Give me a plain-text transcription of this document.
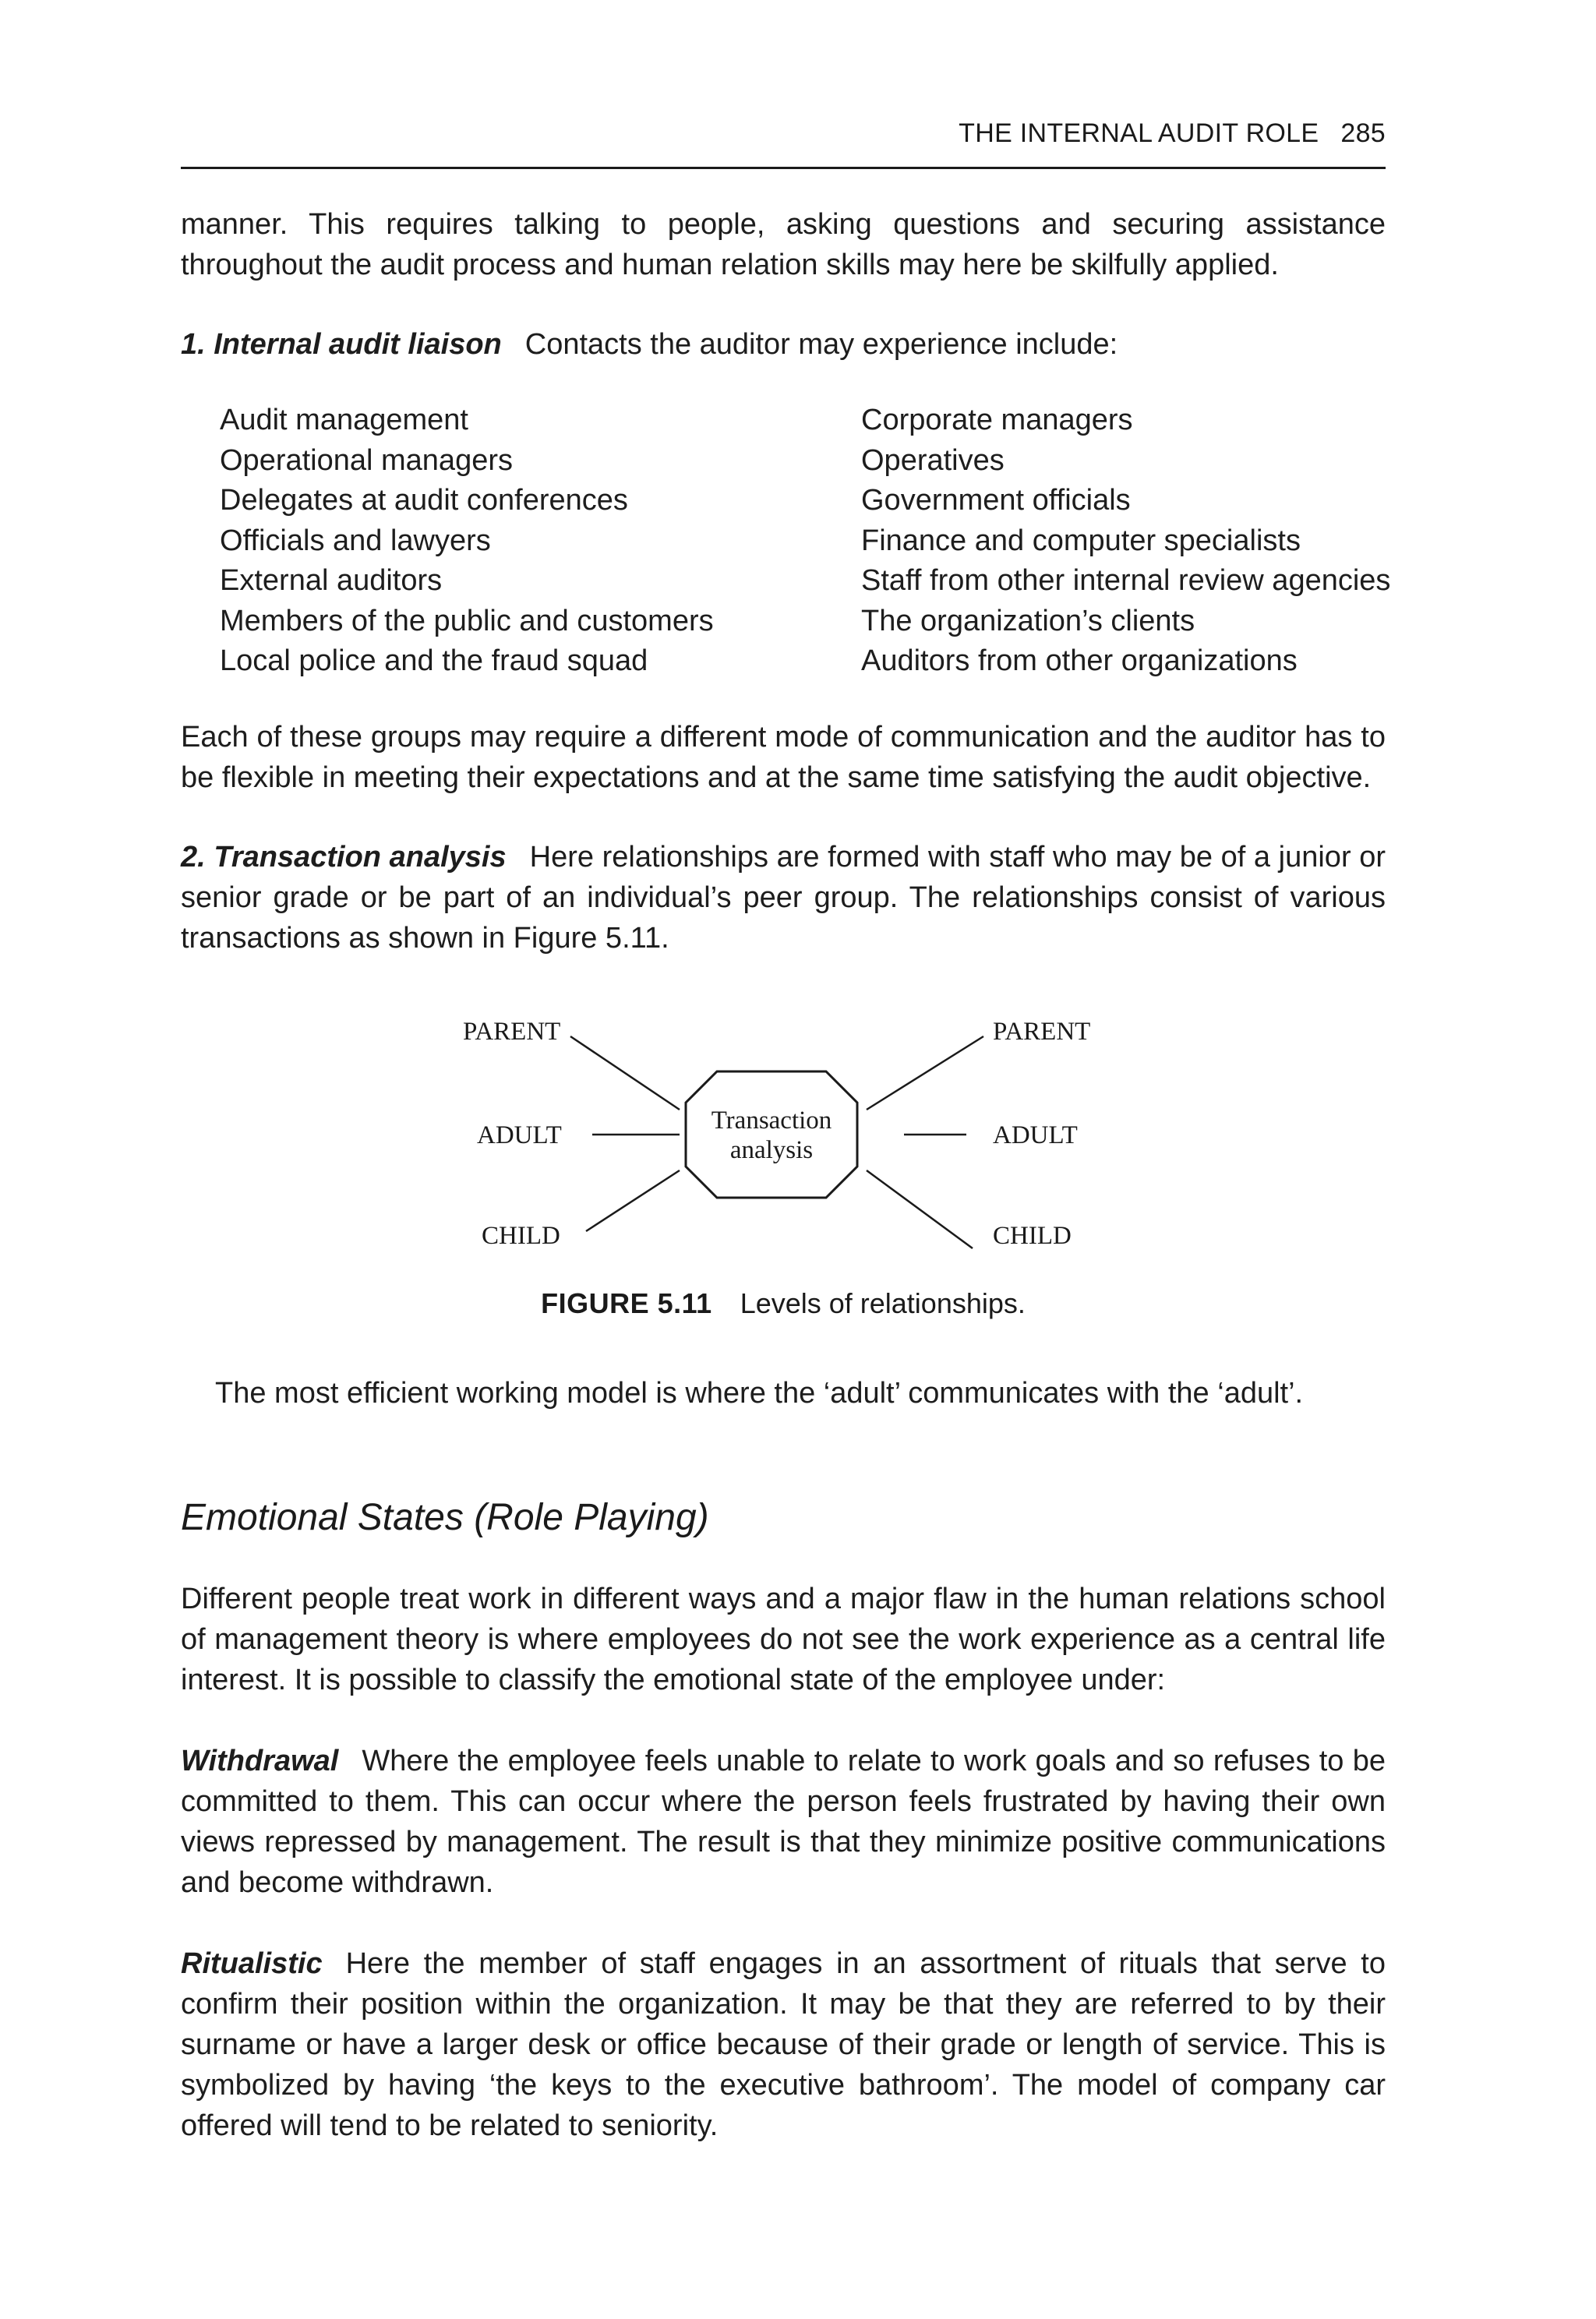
THE INTERNAL AUDIT ROLE 285

manner. This requires talking to people, asking questions and securing assistance throughout the audit process and human relation skills may here be skilfully applied.

1. Internal audit liaison Contacts the auditor may experience include:

Audit management
Operational managers
Delegates at audit conferences
Officials and lawyers
External auditors
Members of the public and customers
Local police and the fraud squad
Corporate managers
Operatives
Government officials
Finance and computer specialists
Staff from other internal review agencies
The organization’s clients
Auditors from other organizations

Each of these groups may require a different mode of communication and the auditor has to be flexible in meeting their expectations and at the same time satisfying the audit objective.

2. Transaction analysis Here relationships are formed with staff who may be of a junior or senior grade or be part of an individual’s peer group. The relationships consist of various transactions as shown in Figure 5.11.

Transaction
analysis
PARENT
ADULT
CHILD
PARENT
ADULT
CHILD
FIGURE 5.11 Levels of relationships.

The most efficient working model is where the ‘adult’ communicates with the ‘adult’.

Emotional States (Role Playing)

Different people treat work in different ways and a major flaw in the human relations school of management theory is where employees do not see the work experience as a central life interest. It is possible to classify the emotional state of the employee under:

Withdrawal Where the employee feels unable to relate to work goals and so refuses to be committed to them. This can occur where the person feels frustrated by having their own views repressed by management. The result is that they minimize positive communications and become withdrawn.

Ritualistic Here the member of staff engages in an assortment of rituals that serve to confirm their position within the organization. It may be that they are referred to by their surname or have a larger desk or office because of their grade or length of service. This is symbolized by having ‘the keys to the executive bathroom’. The model of company car offered will tend to be related to seniority.
